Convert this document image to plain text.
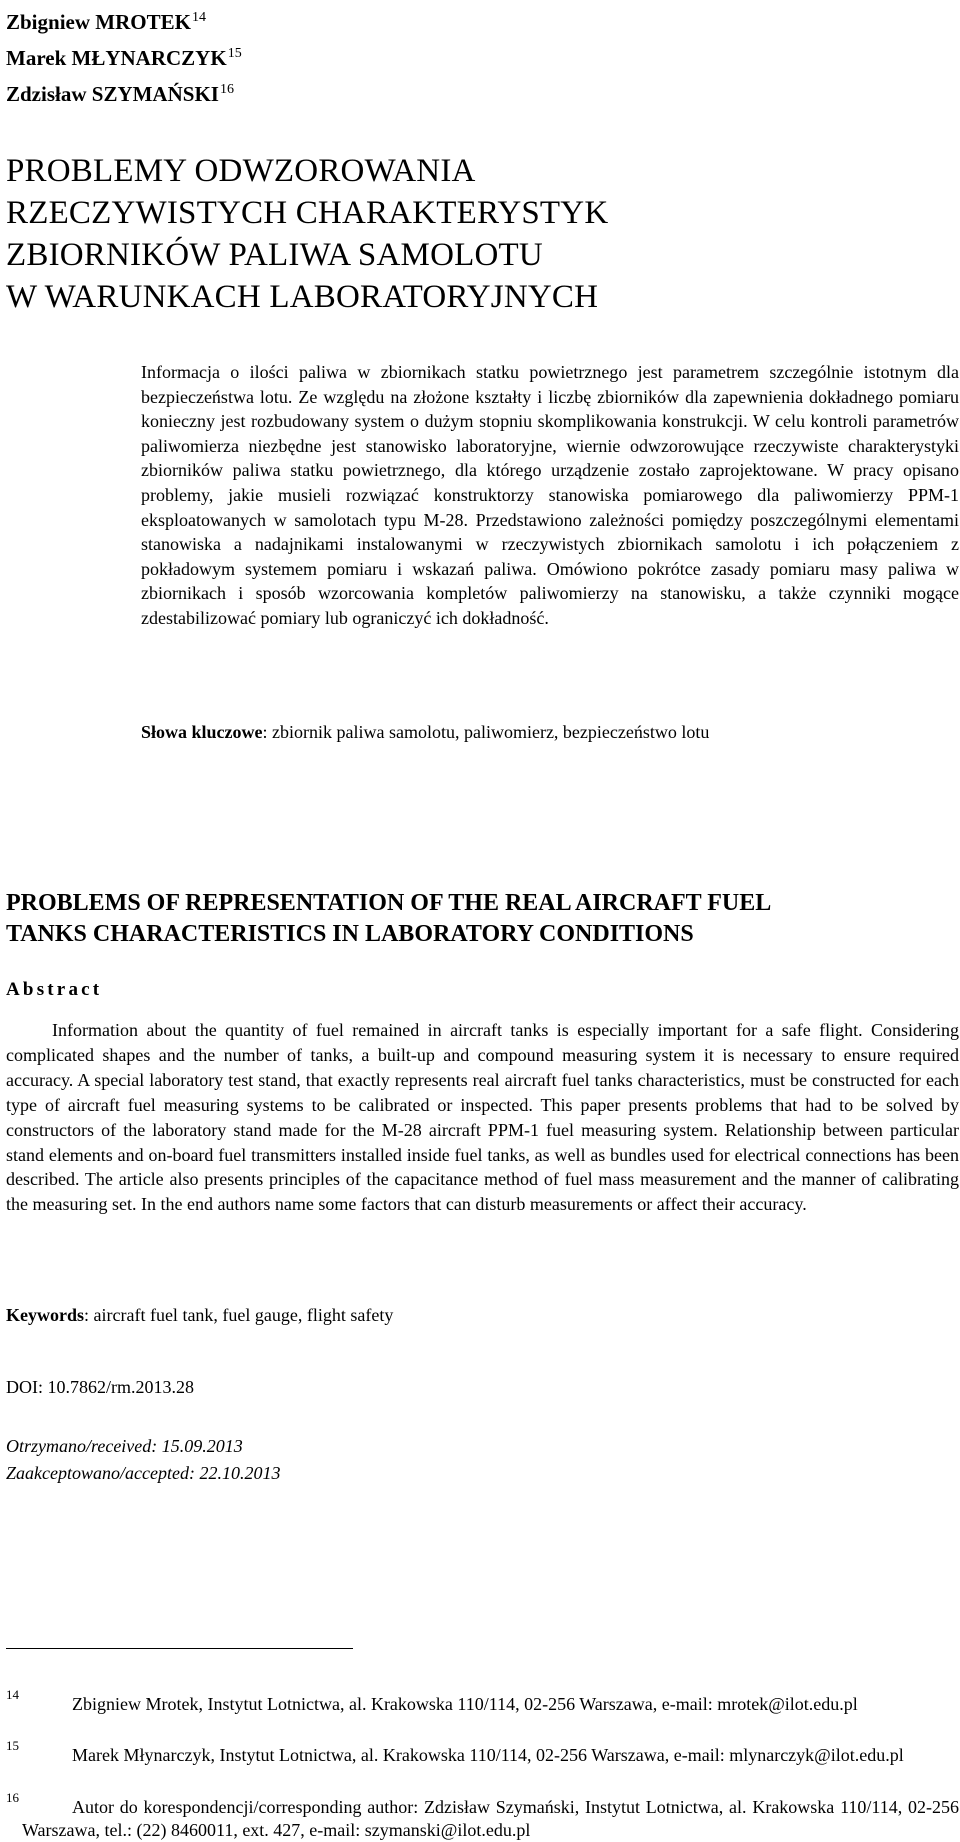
Zbigniew MROTEK$^{14}$
Marek MŁYNARCZYK$^{15}$
Zdzisław SZYMAŃSKI$^{16}$
PROBLEMY ODWZOROWANIA
RZECZYWISTYCH CHARAKTERYSTYK
ZBIORNIKÓW PALIWA SAMOLOTU
W WARUNKACH LABORATORYJNYCH

Informacja o ilości paliwa w zbiornikach statku powietrznego jest parametrem szczególnie istotnym dla bezpieczeństwa lotu. Ze względu na złożone kształty i liczbę zbiorników dla zapewnienia dokładnego pomiaru konieczny jest rozbudowany system o dużym stopniu skomplikowania konstrukcji. W celu kontroli parametrów paliwomierza niezbędne jest stanowisko laboratoryjne, wiernie odwzorowujące rzeczywiste charakterystyki zbiorników paliwa statku powietrznego, dla którego urządzenie zostało zaprojektowane. W pracy opisano problemy, jakie musieli rozwiązać konstruktorzy stanowiska pomiarowego dla paliwomierzy PPM-1 eksploatowanych w samolotach typu M-28. Przedstawiono zależności pomiędzy poszczególnymi elementami stanowiska a nadajnikami instalowanymi w rzeczywistych zbiornikach samolotu i ich połączeniem z pokładowym systemem pomiaru i wskazań paliwa. Omówiono pokrótce zasady pomiaru masy paliwa w zbiornikach i sposób wzorcowania kompletów paliwomierzy na stanowisku, a także czynniki mogące zdestabilizować pomiary lub ograniczyć ich dokładność.

Słowa kluczowe: zbiornik paliwa samolotu, paliwomierz, bezpieczeństwo lotu
PROBLEMS OF REPRESENTATION OF THE REAL AIRCRAFT FUEL
TANKS CHARACTERISTICS IN LABORATORY CONDITIONS
Abstract

Information about the quantity of fuel remained in aircraft tanks is especially important for a safe flight. Considering complicated shapes and the number of tanks, a built-up and compound measuring system it is necessary to ensure required accuracy. A special laboratory test stand, that exactly represents real aircraft fuel tanks characteristics, must be constructed for each type of aircraft fuel measuring systems to be calibrated or inspected. This paper presents problems that had to be solved by constructors of the laboratory stand made for the M-28 aircraft PPM-1 fuel measuring system. Relationship between particular stand elements and on-board fuel transmitters installed inside fuel tanks, as well as bundles used for electrical connections has been described. The article also presents principles of the capacitance method of fuel mass measurement and the manner of calibrating the measuring set. In the end authors name some factors that can disturb measurements or affect their accuracy.

Keywords: aircraft fuel tank, fuel gauge, flight safety
DOI: 10.7862/rm.2013.28
Otrzymano/received: 15.09.2013
Zaakceptowano/accepted: 22.10.2013
14	Zbigniew Mrotek, Instytut Lotnictwa, al. Krakowska 110/114, 02-256 Warszawa, e-mail: mrotek@ilot.edu.pl
15	Marek Młynarczyk, Instytut Lotnictwa, al. Krakowska 110/114, 02-256 Warszawa, e-mail: mlynarczyk@ilot.edu.pl
16	Autor do korespondencji/corresponding author: Zdzisław Szymański, Instytut Lotnictwa, al. Krakowska 110/114, 02-256 Warszawa, tel.: (22) 8460011, ext. 427, e-mail: szymanski@ilot.edu.pl
